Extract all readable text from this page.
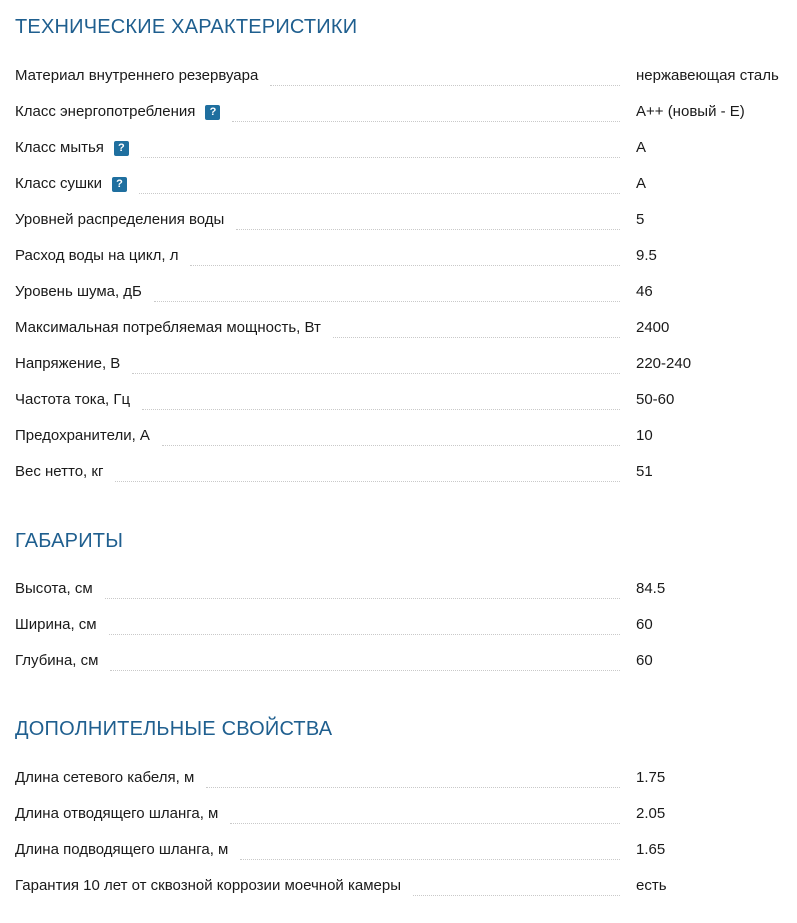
ТЕХНИЧЕСКИЕ ХАРАКТЕРИСТИКИ
Материал внутреннего резервуара	нержавеющая сталь
Класс энергопотребления	?	A++ (новый - E)
Класс мытья	?	A
Класс сушки	?	A
Уровней распределения воды	5
Расход воды на цикл, л	9.5
Уровень шума, дБ	46
Максимальная потребляемая мощность, Вт	2400
Напряжение, В	220-240
Частота тока, Гц	50-60
Предохранители, А	10
Вес нетто, кг	51
ГАБАРИТЫ
Высота, см	84.5
Ширина, см	60
Глубина, см	60
ДОПОЛНИТЕЛЬНЫЕ СВОЙСТВА
Длина сетевого кабеля, м	1.75
Длина отводящего шланга, м	2.05
Длина подводящего шланга, м	1.65
Гарантия 10 лет от сквозной коррозии моечной камеры	есть
